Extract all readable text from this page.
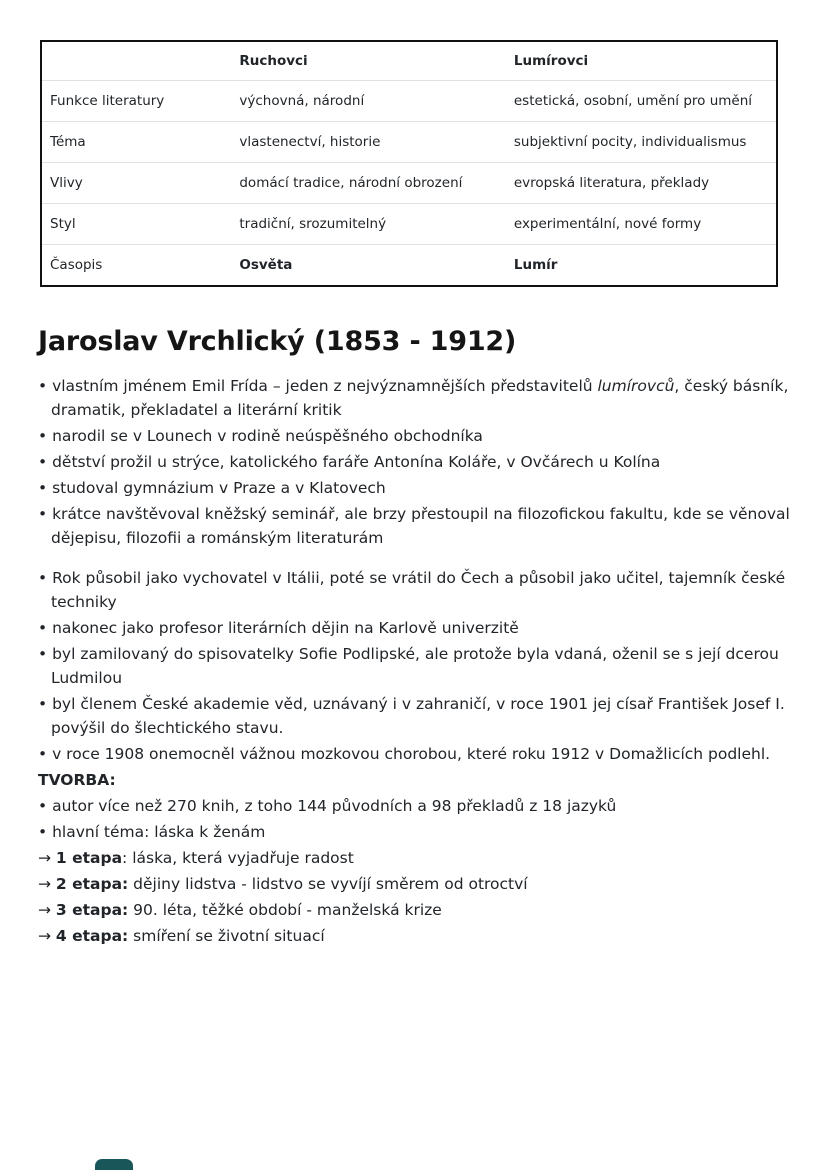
	Ruchovci	Lumírovci
Funkce literatury	výchovná, národní	estetická, osobní, umění pro umění
Téma	vlastenectví, historie	subjektivní pocity, individualismus
Vlivy	domácí tradice, národní obrození	evropská literatura, překlady
Styl	tradiční, srozumitelný	experimentální, nové formy
Časopis	Osvěta	Lumír
Jaroslav Vrchlický (1853 - 1912)
• vlastním jménem Emil Frída – jeden z nejvýznamnějších představitelů lumírovců, český básník, dramatik, překladatel a literární kritik
• narodil se v Lounech v rodině neúspěšného obchodníka
• dětství prožil u strýce, katolického faráře Antonína Koláře, v Ovčárech u Kolína
• studoval gymnázium v Praze a v Klatovech
• krátce navštěvoval kněžský seminář, ale brzy přestoupil na filozofickou fakultu, kde se věnoval dějepisu, filozofii a románským literaturám
• Rok působil jako vychovatel v Itálii, poté se vrátil do Čech a působil jako učitel, tajemník české techniky
• nakonec jako profesor literárních dějin na Karlově univerzitě
• byl zamilovaný do spisovatelky Sofie Podlipské, ale protože byla vdaná, oženil se s její dcerou Ludmilou
• byl členem České akademie věd, uznávaný i v zahraničí, v roce 1901 jej císař František Josef I. povýšil do šlechtického stavu.
• v roce 1908 onemocněl vážnou mozkovou chorobou, které roku 1912 v Domažlicích podlehl.
TVORBA:
• autor více než 270 knih, z toho 144 původních a 98 překladů z 18 jazyků
• hlavní téma: láska k ženám
→ 1 etapa: láska, která vyjadřuje radost
→ 2 etapa: dějiny lidstva - lidstvo se vyvíjí směrem od otroctví
→ 3 etapa: 90. léta, těžké období - manželská krize
→ 4 etapa: smíření se životní situací
